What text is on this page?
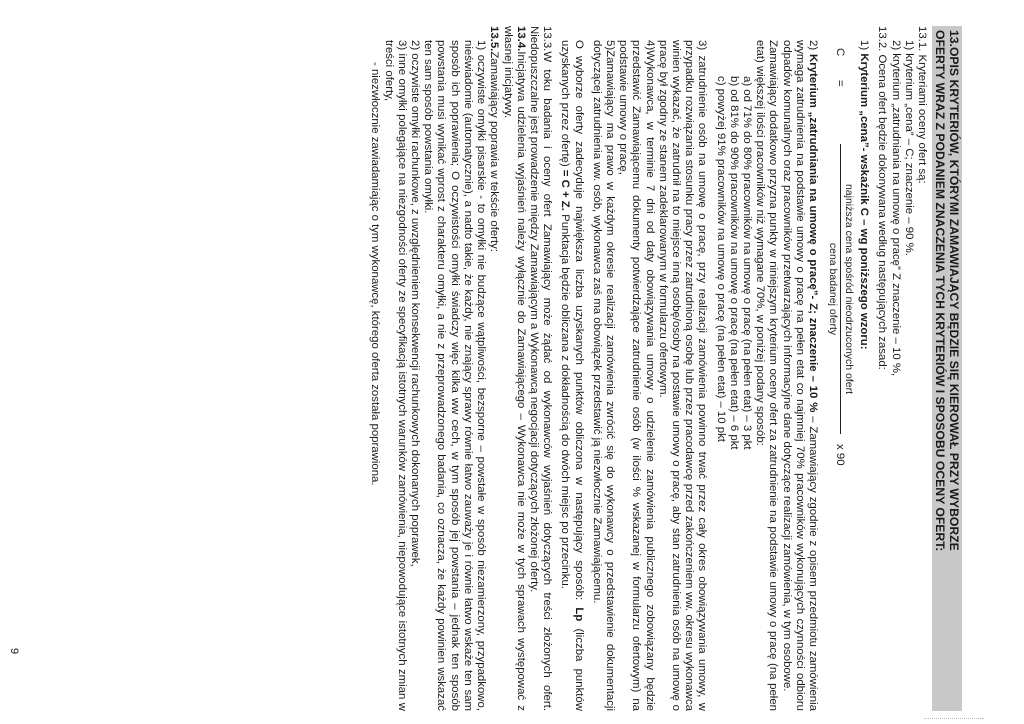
13.OPIS KRYTERIÓW, KTÓRYMI ZAMAWIAJĄCY BĘDZIE SIĘ KIEROWAŁ PRZY WYBORZE
OFERTY WRAZ Z PODANIEM ZNACZENIA TYCH KRYTERIÓW I SPOSOBU OCENY OFERT:

13.1. Kryteriami oceny ofert są:

1) kryterium „cena” – C; znaczenie – 90 %.

2) kryterium „zatrudniania na umowę o pracę” Z znaczenie – 10 %,

13.2. Ocena ofert będzie dokonywana według następujących zasad:

1) Kryterium „cena”- wskaźnik C – wg poniższego wzoru:

C
=
najniższa cena spośród nieodrzuconych ofert
cena badanej oferty
x 90

2) Kryterium „zatrudniania na umowę o pracę”- Z; znaczenie – 10 % – Zamawiający zgodnie z opisem przedmiotu zamówienia wymaga zatrudnienia na podstawie umowy o pracę na pełen etat co najmniej 70% pracowników wykonujących czynności odbioru odpadów komunalnych oraz pracowników przetwarzających informacyjne dane dotyczące realizacji zamówienia, w tym osobowe.

Zamawiający dodatkowo przyzna punkty w niniejszym kryterium oceny ofert za zatrudnienie na podstawie umowy o pracę (na pełen etat) większej ilości pracowników niż wymagane 70%, w poniżej podany sposób:

a) od 71% do 80% pracowników na umowę o pracę (na pełen etat) – 3 pkt

b) od 81% do 90% pracowników na umowę o pracę (na pełen etat) – 6 pkt

c) powyżej 91% pracowników na umowę o pracę (na pełen etat) – 10 pkt

3) zatrudnienie osób na umowę o pracę, przy realizacji zamówienia powinno trwać przez cały okres obowiązywania umowy, w przypadku rozwiązania stosunku pracy przez zatrudnioną osobę lub przez pracodawcę przed zakończeniem ww. okresu wykonawca winien wykazać, że zatrudnił na to miejsce inną osobę/osoby na postawie umowy o pracę, aby stan zatrudnienia osób na umowę o pracę był zgodny ze stanem zadeklarowanym w formularzu ofertowym.

4)Wykonawca, w terminie 7 dni od daty obowiązywania umowy o udzielenie zamówienia publicznego zobowiązany będzie przedstawić Zamawiającemu dokumenty potwierdzające zatrudnienie osób (w ilości % wskazanej w formularzu ofertowym) na podstawie umowy o pracę,

5)Zamawiający ma prawo w każdym okresie realizacji zamówienia zwrócić się do wykonawcy o przedstawienie dokumentacji dotyczącej zatrudnienia ww. osób, wykonawca zaś ma obowiązek przedstawić ją niezwłocznie Zamawiającemu.

O wyborze oferty zadecyduje największa liczba uzyskanych punktów obliczona w następujący sposób: Lp (liczba punktów uzyskanych przez ofertę) = C + Z. Punktacja będzie obliczana z dokładnością do dwóch miejsc po przecinku.

13.3.W toku badania i oceny ofert Zamawiający może żądać od wykonawców wyjaśnień dotyczących treści złożonych ofert. Niedopuszczalne jest prowadzenie między Zamawiającym a Wykonawcą negocjacji dotyczących złożonej oferty.

13.4.Inicjatywa udzielenia wyjaśnień należy wyłącznie do Zamawiającego – Wykonawca nie może w tych sprawach występować z własnej inicjatywy.

13.5.Zamawiający poprawia w tekście oferty:

1) oczywiste omyłki pisarskie - to omyłki nie budzące wątpliwości, bezsporne – powstałe w sposób niezamierzony, przypadkowo, nieświadomie (automatycznie), a nadto takie, że każdy, nie znający sprawy równie łatwo zauważy je i równie łatwo wskaże ten sam sposób ich poprawienia; O oczywistości omyłki świadczy więc kilka ww cech, w tym sposób jej powstania – jednak ten sposób powstania musi wynikać wprost z charakteru omyłki, a nie z przeprowadzonego badania, co oznacza, że każdy powinien wskazać ten sam sposób powstania omyłki.

2) oczywiste omyłki rachunkowe, z uwzględnieniem konsekwencji rachunkowych dokonanych poprawek,

3) inne omyłki polegające na niezgodności oferty ze specyfikacją istotnych warunków zamówienia, niepowodujące istotnych zmian w treści oferty,

- niezwłocznie zawiadamiając o tym wykonawcę, którego oferta została poprawiona.

9
